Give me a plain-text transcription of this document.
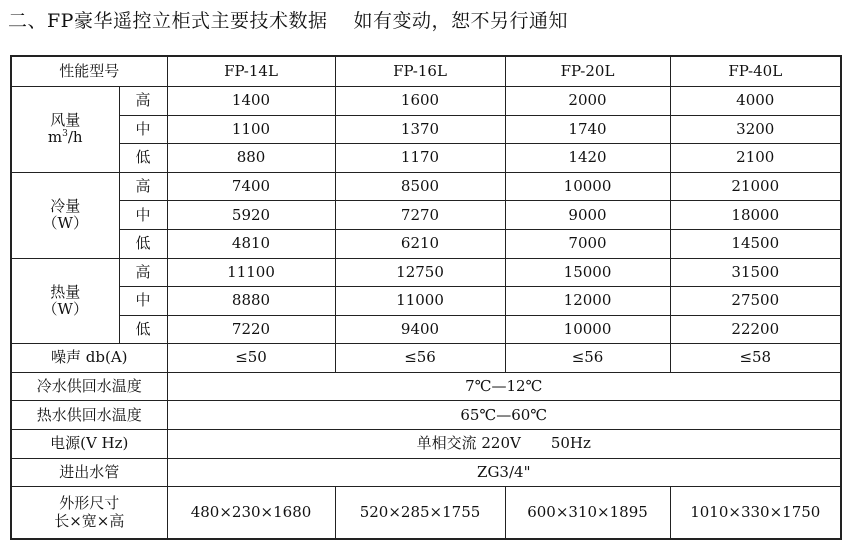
二、FP豪华遥控立柜式主要技术数据 如有变动，恕不另行通知
性能型号		FP-14L	FP-16L	FP-20L	FP-40L

风量
$m^3/h$	高	1400	1600	2000	4000
	中	1100	1370	1740	3200
	低	880	1170	1420	2100

冷量
（W）	高	7400	8500	10000	21000
	中	5920	7270	9000	18000
	低	4810	6210	7000	14500

热量
（W）	高	11100	12750	15000	31500
	中	8880	11000	12000	27500
	低	7220	9400	10000	22200
噪声 db(A)		≤50	≤56	≤56	≤58
冷水供回水温度		7℃—12℃			
热水供回水温度		65℃—60℃			
电源(V Hz)		单相交流 220V　　50Hz			
进出水管		ZG3/4"			

外形尺寸
长×宽×高		480×230×1680	520×285×1755	600×310×1895	1010×330×1750
